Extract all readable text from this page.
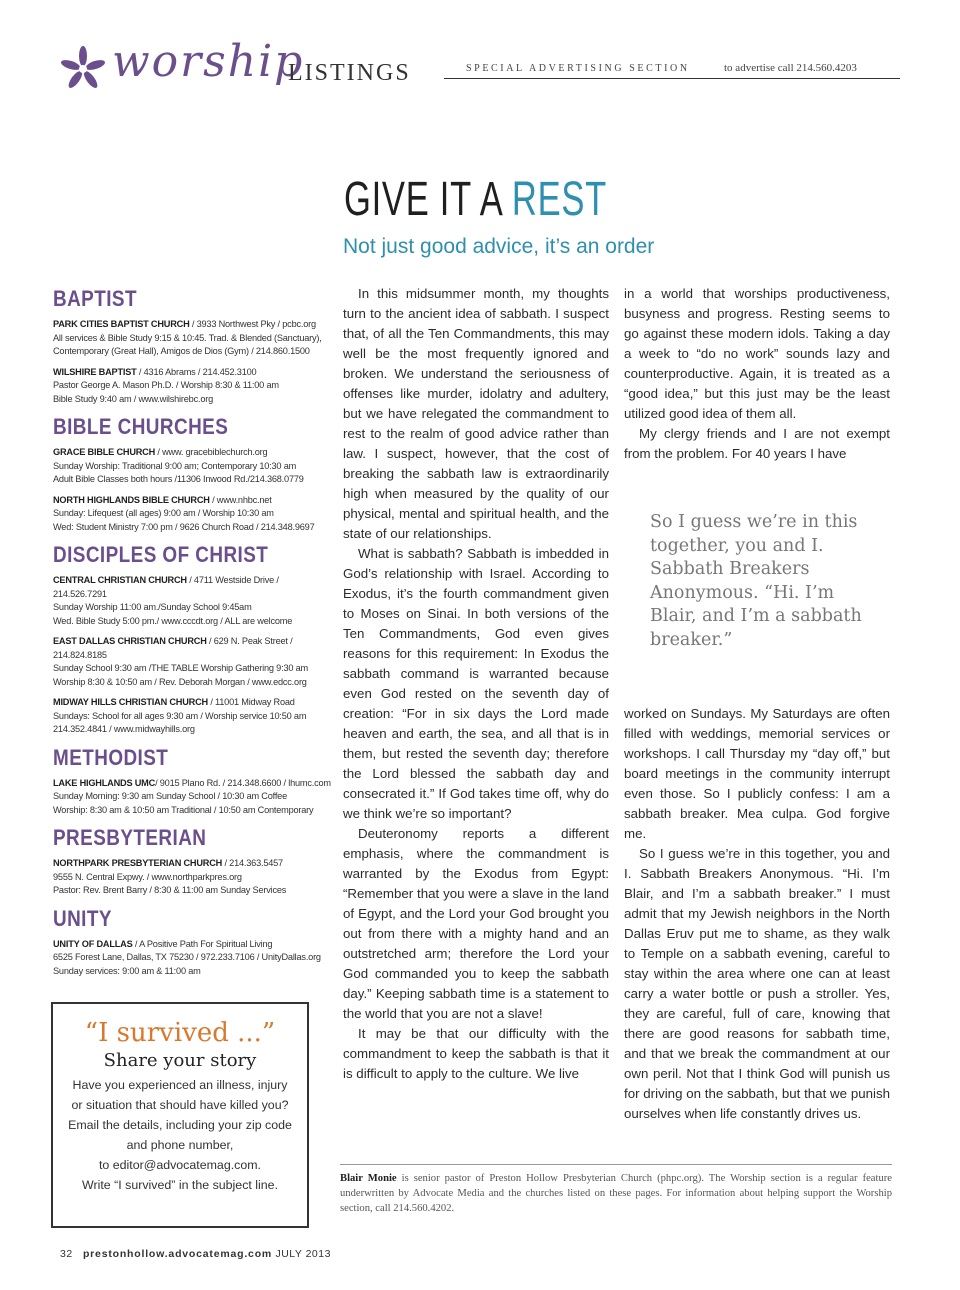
worship
LISTINGS	SPECIAL ADVERTISING SECTION	to advertise call 214.560.4203
GIVE IT A REST
Not just good advice, it’s an order
BAPTIST
PARK CITIES BAPTIST CHURCH / 3933 Northwest Pky / pcbc.org
All services & Bible Study 9:15 & 10:45. Trad. & Blended (Sanctuary), Contemporary (Great Hall), Amigos de Dios (Gym) / 214.860.1500
WILSHIRE BAPTIST / 4316 Abrams / 214.452.3100
Pastor George A. Mason Ph.D. / Worship 8:30 & 11:00 am
Bible Study 9:40 am / www.wilshirebc.org
BIBLE CHURCHES
GRACE BIBLE CHURCH / www. gracebiblechurch.org
Sunday Worship: Traditional 9:00 am; Contemporary 10:30 am
Adult Bible Classes both hours /11306 Inwood Rd./214.368.0779
NORTH HIGHLANDS BIBLE CHURCH / www.nhbc.net
Sunday: Lifequest (all ages) 9:00 am / Worship 10:30 am
Wed: Student Ministry 7:00 pm / 9626 Church Road / 214.348.9697
DISCIPLES OF CHRIST
CENTRAL CHRISTIAN CHURCH / 4711 Westside Drive / 214.526.7291
Sunday Worship 11:00 am./Sunday School 9:45am
Wed. Bible Study 5:00 pm./ www.cccdt.org / ALL are welcome
EAST DALLAS CHRISTIAN CHURCH / 629 N. Peak Street / 214.824.8185
Sunday School 9:30 am /THE TABLE Worship Gathering 9:30 am
Worship 8:30 & 10:50 am / Rev. Deborah Morgan / www.edcc.org
MIDWAY HILLS CHRISTIAN CHURCH / 11001 Midway Road
Sundays: School for all ages 9:30 am / Worship service 10:50 am
214.352.4841 / www.midwayhills.org
METHODIST
LAKE HIGHLANDS UMC/ 9015 Plano Rd. / 214.348.6600 / lhumc.com
Sunday Morning: 9:30 am Sunday School / 10:30 am Coffee
Worship: 8:30 am & 10:50 am Traditional / 10:50 am Contemporary
PRESBYTERIAN
NORTHPARK PRESBYTERIAN CHURCH / 214.363.5457
9555 N. Central Expwy. / www.northparkpres.org
Pastor: Rev. Brent Barry / 8:30 & 11:00 am Sunday Services
UNITY
UNITY OF DALLAS / A Positive Path For Spiritual Living
6525 Forest Lane, Dallas, TX 75230 / 972.233.7106 / UnityDallas.org
Sunday services: 9:00 am & 11:00 am
“I survived ...”
Share your story
Have you experienced an illness, injury
or situation that should have killed you?
Email the details, including your zip code
and phone number,
to editor@advocatemag.com.
Write “I survived” in the subject line.

In this midsummer month, my thoughts turn to the ancient idea of sabbath. I suspect that, of all the Ten Commandments, this may well be the most frequently ignored and broken. We understand the seriousness of offenses like murder, idolatry and adultery, but we have relegated the commandment to rest to the realm of good advice rather than law. I suspect, however, that the cost of breaking the sabbath law is extraordinarily high when measured by the quality of our physical, mental and spiritual health, and the state of our relationships.

What is sabbath? Sabbath is imbedded in God’s relationship with Israel. According to Exodus, it’s the fourth commandment given to Moses on Sinai. In both versions of the Ten Commandments, God even gives reasons for this requirement: In Exodus the sabbath command is warranted because even God rested on the seventh day of creation: “For in six days the Lord made heaven and earth, the sea, and all that is in them, but rested the seventh day; therefore the Lord blessed the sabbath day and consecrated it.” If God takes time off, why do we think we’re so important?

Deuteronomy reports a different emphasis, where the commandment is warranted by the Exodus from Egypt: “Remember that you were a slave in the land of Egypt, and the Lord your God brought you out from there with a mighty hand and an outstretched arm; therefore the Lord your God commanded you to keep the sabbath day.” Keeping sabbath time is a statement to the world that you are not a slave!

It may be that our difficulty with the commandment to keep the sabbath is that it is difficult to apply to the culture. We live

in a world that worships productiveness, busyness and progress. Resting seems to go against these modern idols. Taking a day a week to “do no work” sounds lazy and counterproductive. Again, it is treated as a “good idea,” but this just may be the least utilized good idea of them all.

My clergy friends and I are not exempt from the problem. For 40 years I have

So I guess we’re in this together, you and I. Sabbath Breakers Anonymous. “Hi. I’m Blair, and I’m a sabbath breaker.”

worked on Sundays. My Saturdays are often filled with weddings, memorial services or workshops. I call Thursday my “day off,” but board meetings in the community interrupt even those. So I publicly confess: I am a sabbath breaker. Mea culpa. God forgive me.

So I guess we’re in this together, you and I. Sabbath Breakers Anonymous. “Hi. I’m Blair, and I’m a sabbath breaker.” I must admit that my Jewish neighbors in the North Dallas Eruv put me to shame, as they walk to Temple on a sabbath evening, careful to stay within the area where one can at least carry a water bottle or push a stroller. Yes, they are careful, full of care, knowing that there are good reasons for sabbath time, and that we break the commandment at our own peril. Not that I think God will punish us for driving on the sabbath, but that we punish ourselves when life constantly drives us.

Blair Monie is senior pastor of Preston Hollow Presbyterian Church (phpc.org). The Worship section is a regular feature underwritten by Advocate Media and the churches listed on these pages. For information about helping support the Worship section, call 214.560.4202.
32 prestonhollow.advocatemag.com JULY 2013
